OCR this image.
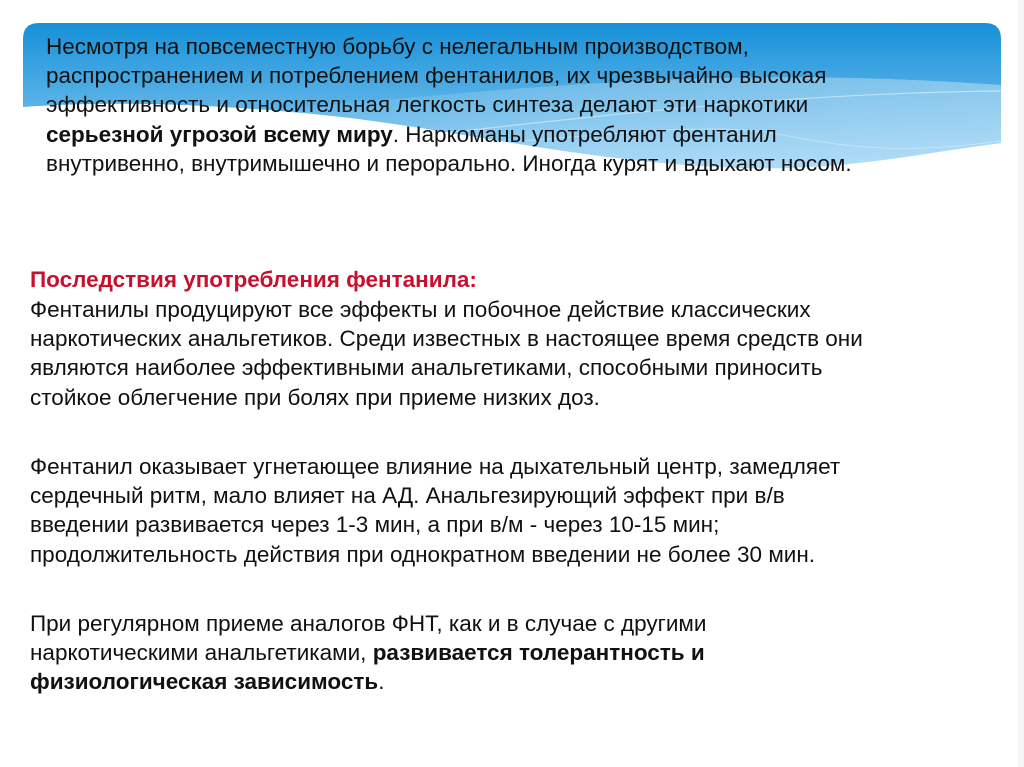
Несмотря на повсеместную борьбу с нелегальным производством,
распространением и потреблением фентанилов, их чрезвычайно высокая
эффективность и относительная легкость синтеза делают эти наркотики
серьезной угрозой всему миру. Наркоманы употребляют фентанил
внутривенно, внутримышечно и перорально. Иногда курят и вдыхают носом.

Последствия употребления фентанила:

Фентанилы продуцируют все эффекты и побочное действие классических
наркотических анальгетиков. Среди известных в настоящее время средств они
являются наиболее эффективными анальгетиками, способными приносить
стойкое облегчение при болях при приеме низких доз.

Фентанил оказывает угнетающее влияние на дыхательный центр, замедляет
сердечный ритм, мало влияет на АД. Анальгезирующий эффект при в/в
введении развивается через 1-3 мин, а при в/м - через 10-15 мин;
продолжительность действия при однократном введении не более 30 мин.

При регулярном приеме аналогов ФНТ, как и в случае с другими
наркотическими анальгетиками, развивается толерантность и
физиологическая зависимость.
